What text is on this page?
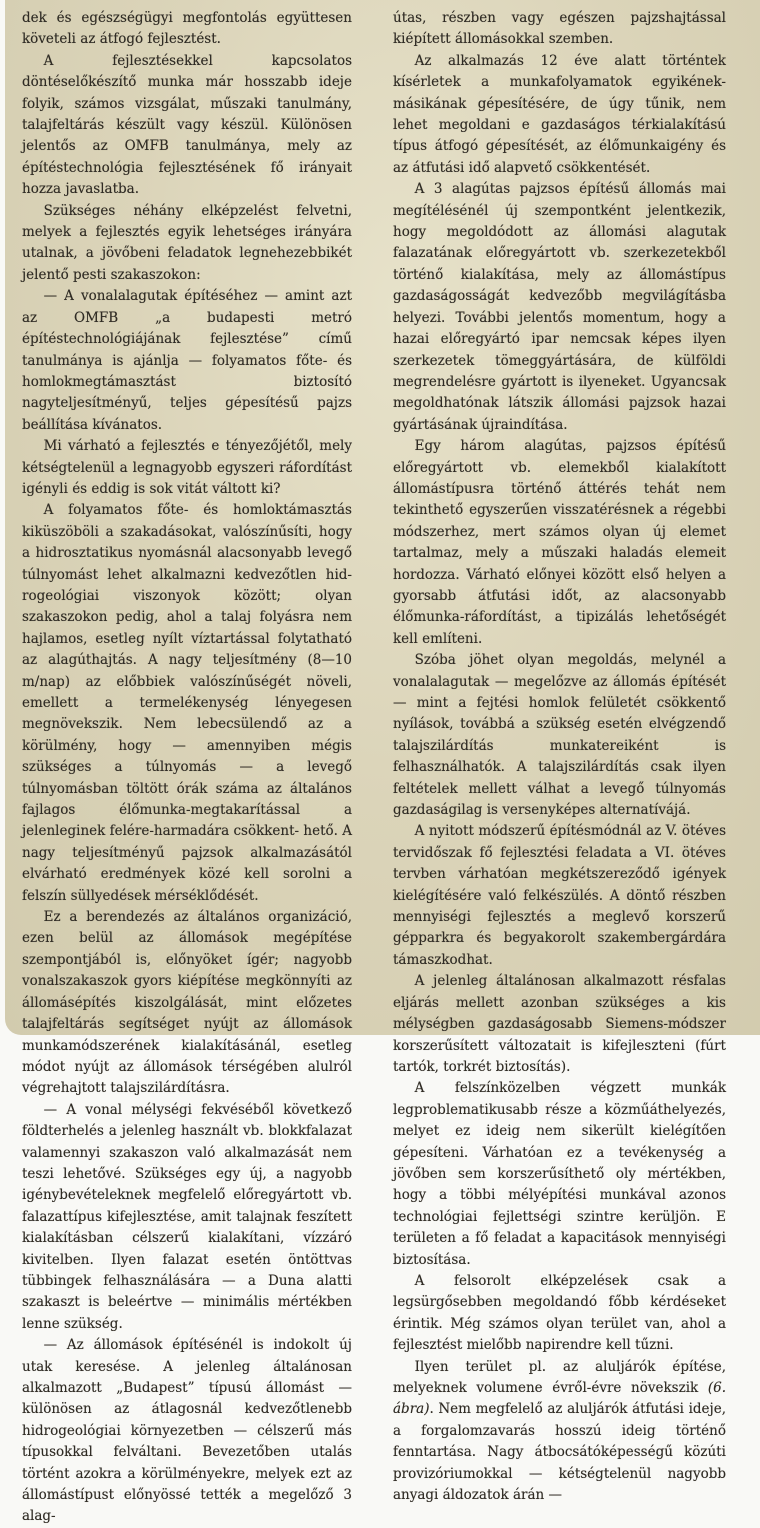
dek és egészségügyi megfontolás együttesen követeli az átfogó fejlesztést.

A fejlesztésekkel kapcsolatos döntéselőkészítő munka már hosszabb ideje folyik, számos vizsgálat, műszaki tanulmány, talajfeltárás készült vagy készül. Különösen jelentős az OMFB tanulmánya, mely az építéstechnológia fejlesztésének fő irányait hozza javaslatba.

Szükséges néhány elképzelést felvetni, melyek a fejlesztés egyik lehetséges irányára utalnak, a jövőbeni feladatok legnehezebbikét jelentő pesti szakaszokon:

— A vonalalagutak építéséhez — amint azt az OMFB „a budapesti metró építéstechnológiájának fejlesztése” című tanulmánya is ajánlja — folyamatos főte- és homlokmegtámasztást biztosító nagyteljesítményű, teljes gépesítésű pajzs beállítása kívánatos.

Mi várható a fejlesztés e tényezőjétől, mely kétségtelenül a legnagyobb egyszeri ráfordítást igényli és eddig is sok vitát váltott ki?

A folyamatos főte- és homloktámasztás kiküszöböli a szakadásokat, valószínűsíti, hogy a hidrosztatikus nyomásnál alacsonyabb levegő túlnyomást lehet alkalmazni kedvezőtlen hid-rogeológiai viszonyok között; olyan szakaszokon pedig, ahol a talaj folyásra nem hajlamos, esetleg nyílt víztartással folytatható az alagúthajtás. A nagy teljesítmény (8—10 m/nap) az előbbiek valószínűségét növeli, emellett a termelékenység lényegesen megnövekszik. Nem lebecsülendő az a körülmény, hogy — amennyiben mégis szükséges a túlnyomás — a levegő túlnyomásban töltött órák száma az általános fajlagos élőmunka-megtakarítással a jelenleginek felére-harmadára csökkent- hető. A nagy teljesítményű pajzsok alkalmazásától elvárható eredmények közé kell sorolni a felszín süllyedések mérséklődését.

Ez a berendezés az általános organizáció, ezen belül az állomások megépítése szempontjából is, előnyöket ígér; nagyobb vonalszakaszok gyors kiépítése megkönnyíti az állomásépítés kiszolgálását, mint előzetes talajfeltárás segítséget nyújt az állomások munkamódszerének kialakításánál, esetleg módot nyújt az állomások térségében alulról végrehajtott talajszilárdításra.

— A vonal mélységi fekvéséből következő földterhelés a jelenleg használt vb. blokkfalazat valamennyi szakaszon való alkalmazását nem teszi lehetővé. Szükséges egy új, a nagyobb igénybevételeknek megfelelő előregyártott vb. falazattípus kifejlesztése, amit talajnak feszített kialakításban célszerű kialakítani, vízzáró kivitelben. Ilyen falazat esetén öntöttvas tübbingek felhasználására — a Duna alatti szakaszt is beleértve — minimális mértékben lenne szükség.

— Az állomások építésénél is indokolt új utak keresése. A jelenleg általánosan alkalmazott „Budapest” típusú állomást — különösen az átlagosnál kedvezőtlenebb hidrogeológiai környezetben — célszerű más típusokkal felváltani. Bevezetőben utalás történt azokra a körülményekre, melyek ezt az állomástípust előnyössé tették a megelőző 3 alag-

útas, részben vagy egészen pajzshajtással kiépített állomásokkal szemben.

Az alkalmazás 12 éve alatt történtek kísérletek a munkafolyamatok egyikének-másikának gépesítésére, de úgy tűnik, nem lehet megoldani e gazdaságos térkialakítású típus átfogó gépesítését, az élőmunkaigény és az átfutási idő alapvető csökkentését.

A 3 alagútas pajzsos építésű állomás mai megítélésénél új szempontként jelentkezik, hogy megoldódott az állomási alagutak falazatának előregyártott vb. szerkezetekből történő kialakítása, mely az állomástípus gazdaságosságát kedvezőbb megvilágításba helyezi. További jelentős momentum, hogy a hazai előregyártó ipar nemcsak képes ilyen szerkezetek tömeggyártására, de külföldi megrendelésre gyártott is ilyeneket. Ugyancsak megoldhatónak látszik állomási pajzsok hazai gyártásának újraindítása.

Egy három alagútas, pajzsos építésű előregyártott vb. elemekből kialakított állomástípusra történő áttérés tehát nem tekinthető egyszerűen visszatérésnek a régebbi módszerhez, mert számos olyan új elemet tartalmaz, mely a műszaki haladás elemeit hordozza. Várható előnyei között első helyen a gyorsabb átfutási időt, az alacsonyabb élőmunka-ráfordítást, a tipizálás lehetőségét kell említeni.

Szóba jöhet olyan megoldás, melynél a vonalalagutak — megelőzve az állomás építését — mint a fejtési homlok felületét csökkentő nyílások, továbbá a szükség esetén elvégzendő talajszilárdítás munkatereiként is felhasználhatók. A talajszilárdítás csak ilyen feltételek mellett válhat a levegő túlnyomás gazdaságilag is versenyképes alternatívájá.

A nyitott módszerű építésmódnál az V. ötéves tervidőszak fő fejlesztési feladata a VI. ötéves tervben várhatóan megkétszereződő igények kielégítésére való felkészülés. A döntő részben mennyiségi fejlesztés a meglevő korszerű gépparkra és begyakorolt szakembergárdára támaszkodhat.

A jelenleg általánosan alkalmazott résfalas eljárás mellett azonban szükséges a kis mélységben gazdaságosabb Siemens-módszer korszerűsített változatait is kifejleszteni (fúrt tartók, torkrét biztosítás).

A felszínközelben végzett munkák legproblematikusabb része a közműáthelyezés, melyet ez ideig nem sikerült kielégítően gépesíteni. Várhatóan ez a tevékenység a jövőben sem korszerűsíthető oly mértékben, hogy a többi mélyépítési munkával azonos technológiai fejlettségi szintre kerüljön. E területen a fő feladat a kapacitások mennyiségi biztosítása.

A felsorolt elképzelések csak a legsürgősebben megoldandó főbb kérdéseket érintik. Még számos olyan terület van, ahol a fejlesztést mielőbb napirendre kell tűzni.

Ilyen terület pl. az aluljárók építése, melyeknek volumene évről-évre növekszik (6. ábra). Nem megfelelő az aluljárók átfutási ideje, a forgalomzavarás hosszú ideig történő fenntartása. Nagy átbocsátóképességű közúti provizóriumokkal — kétségtelenül nagyobb anyagi áldozatok árán —
